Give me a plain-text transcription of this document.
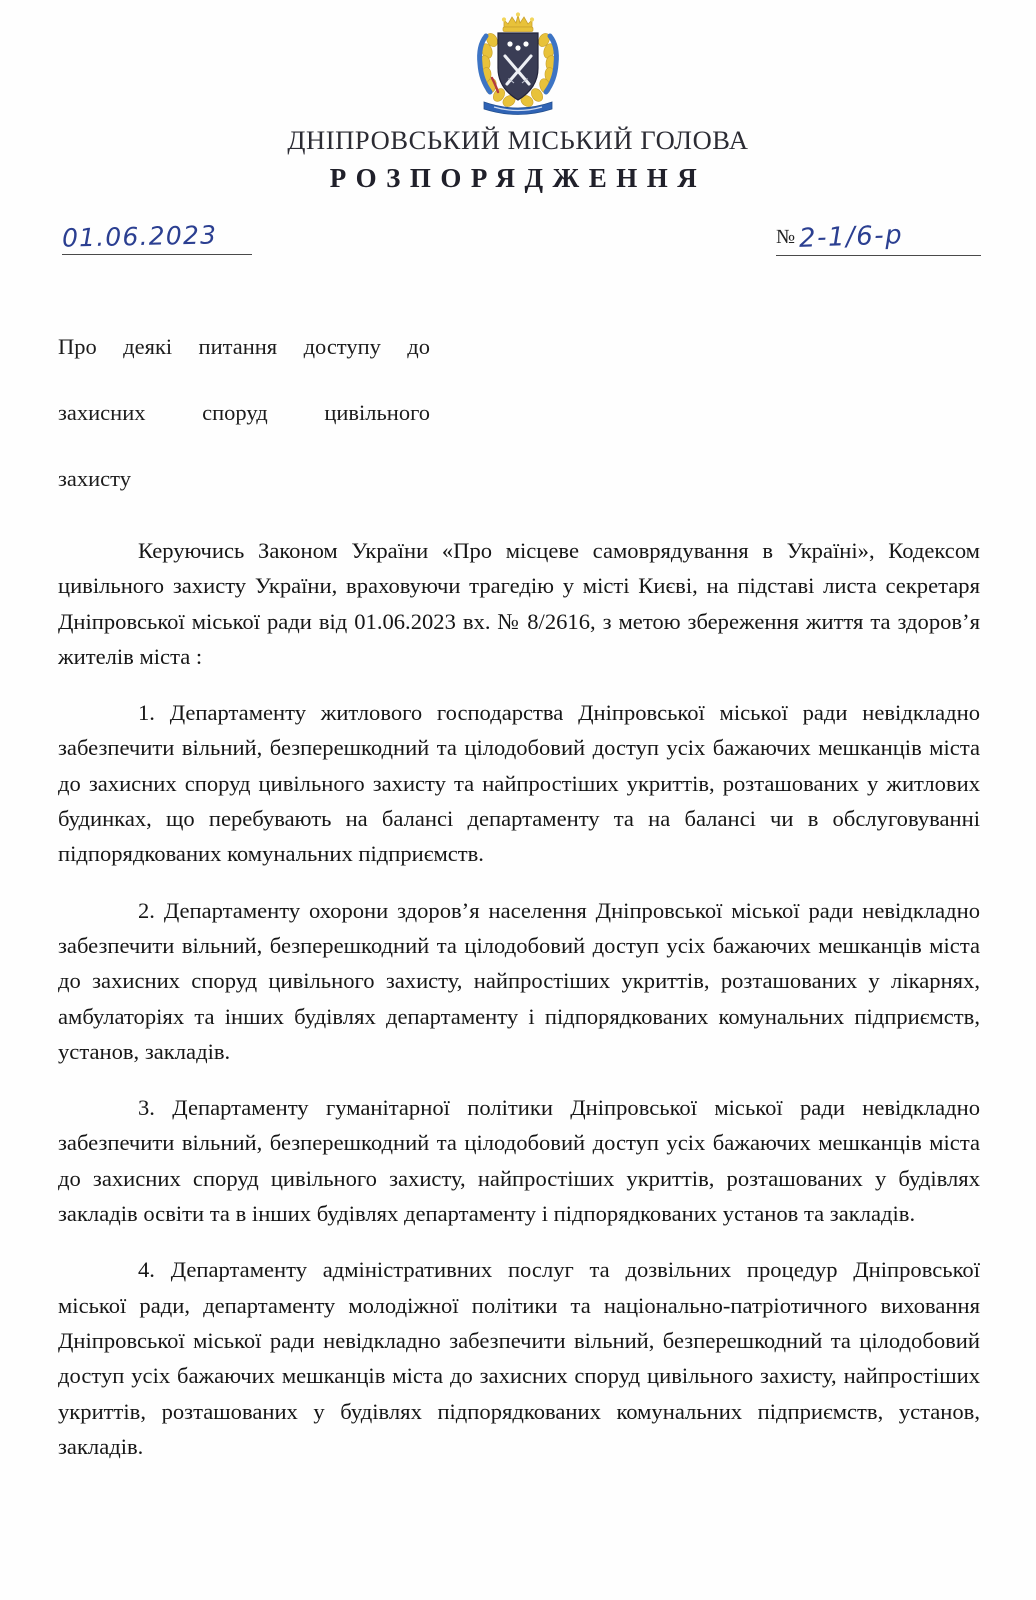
ДНІПРОВСЬКИЙ МІСЬКИЙ ГОЛОВА
РОЗПОРЯДЖЕННЯ
01.06.2023	№ 2-1/6-р
Про деякі питання доступу до
захисних споруд цивільного
захисту

Керуючись Законом України «Про місцеве самоврядування в Україні», Кодексом цивільного захисту України, враховуючи трагедію у місті Києві, на підставі листа секретаря Дніпровської міської ради від 01.06.2023 вх. № 8/2616, з метою збереження життя та здоров’я жителів міста :

1. Департаменту житлового господарства Дніпровської міської ради невідкладно забезпечити вільний, безперешкодний та цілодобовий доступ усіх бажаючих мешканців міста до захисних споруд цивільного захисту та найпростіших укриттів, розташованих у житлових будинках, що перебувають на балансі департаменту та на балансі чи в обслуговуванні підпорядкованих комунальних підприємств.

2. Департаменту охорони здоров’я населення Дніпровської міської ради невідкладно забезпечити вільний, безперешкодний та цілодобовий доступ усіх бажаючих мешканців міста до захисних споруд цивільного захисту, найпростіших укриттів, розташованих у лікарнях, амбулаторіях та інших будівлях департаменту і підпорядкованих комунальних підприємств, установ, закладів.

3. Департаменту гуманітарної політики Дніпровської міської ради невідкладно забезпечити вільний, безперешкодний та цілодобовий доступ усіх бажаючих мешканців міста до захисних споруд цивільного захисту, найпростіших укриттів, розташованих у будівлях закладів освіти та в інших будівлях департаменту і підпорядкованих установ та закладів.

4. Департаменту адміністративних послуг та дозвільних процедур Дніпровської міської ради, департаменту молодіжної політики та національно-патріотичного виховання Дніпровської міської ради невідкладно забезпечити вільний, безперешкодний та цілодобовий доступ усіх бажаючих мешканців міста до захисних споруд цивільного захисту, найпростіших укриттів, розташованих у будівлях підпорядкованих комунальних підприємств, установ, закладів.
